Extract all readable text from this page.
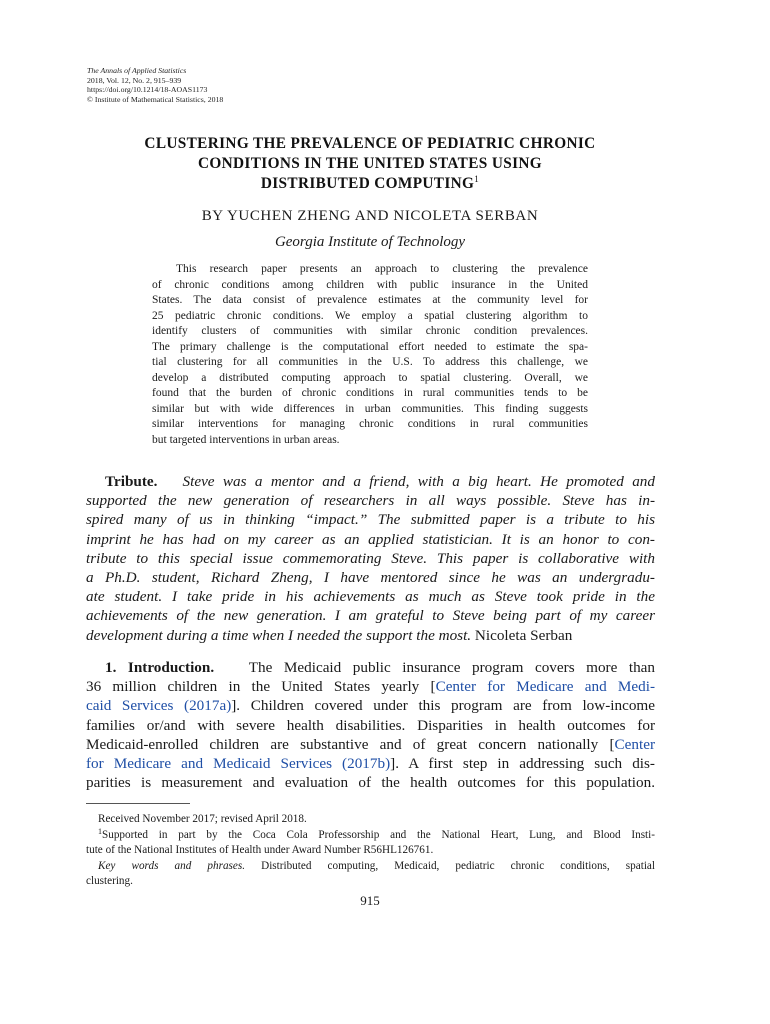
The Annals of Applied Statistics
2018, Vol. 12, No. 2, 915–939
https://doi.org/10.1214/18-AOAS1173
© Institute of Mathematical Statistics, 2018
CLUSTERING THE PREVALENCE OF PEDIATRIC CHRONIC
CONDITIONS IN THE UNITED STATES USING
DISTRIBUTED COMPUTING$^1$
BY YUCHEN ZHENG AND NICOLETA SERBAN
Georgia Institute of Technology
This research paper presents an approach to clustering the prevalence
of chronic conditions among children with public insurance in the United
States. The data consist of prevalence estimates at the community level for
25 pediatric chronic conditions. We employ a spatial clustering algorithm to
identify clusters of communities with similar chronic condition prevalences.
The primary challenge is the computational effort needed to estimate the spa-
tial clustering for all communities in the U.S. To address this challenge, we
develop a distributed computing approach to spatial clustering. Overall, we
found that the burden of chronic conditions in rural communities tends to be
similar but with wide differences in urban communities. This finding suggests
similar interventions for managing chronic conditions in rural communities
but targeted interventions in urban areas.
Tribute. Steve was a mentor and a friend, with a big heart. He promoted and
supported the new generation of researchers in all ways possible. Steve has in-
spired many of us in thinking “impact.” The submitted paper is a tribute to his
imprint he has had on my career as an applied statistician. It is an honor to con-
tribute to this special issue commemorating Steve. This paper is collaborative with
a Ph.D. student, Richard Zheng, I have mentored since he was an undergradu-
ate student. I take pride in his achievements as much as Steve took pride in the
achievements of the new generation. I am grateful to Steve being part of my career
development during a time when I needed the support the most. Nicoleta Serban
1. Introduction. The Medicaid public insurance program covers more than
36 million children in the United States yearly [Center for Medicare and Medi-
caid Services (2017a)]. Children covered under this program are from low-income
families or/and with severe health disabilities. Disparities in health outcomes for
Medicaid-enrolled children are substantive and of great concern nationally [Center
for Medicare and Medicaid Services (2017b)]. A first step in addressing such dis-
parities is measurement and evaluation of the health outcomes for this population.
Received November 2017; revised April 2018.
$^1$Supported in part by the Coca Cola Professorship and the National Heart, Lung, and Blood Insti-
tute of the National Institutes of Health under Award Number R56HL126761.
Key words and phrases. Distributed computing, Medicaid, pediatric chronic conditions, spatial
clustering.
915
